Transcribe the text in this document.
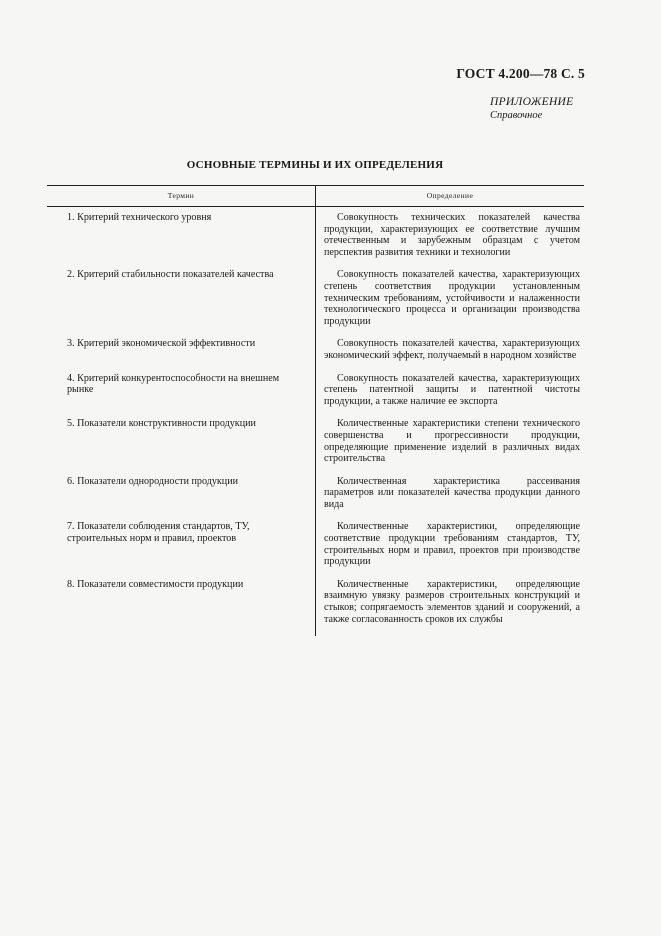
ГОСТ 4.200—78 С. 5
ПРИЛОЖЕНИЕ
Справочное
ОСНОВНЫЕ ТЕРМИНЫ И ИХ ОПРЕДЕЛЕНИЯ
Термин	Определение
1. Критерий технического уровня	Совокупность технических показателей качества продукции, характеризующих ее соответствие лучшим отечественным и зарубежным образцам с учетом перспектив развития техники и технологии
2. Критерий стабильности показателей качества	Совокупность показателей качества, характеризующих степень соответствия продукции установленным техническим требованиям, устойчивости и налаженности технологического процесса и организации производства продукции
3. Критерий экономической эффективности	Совокупность показателей качества, характеризующих экономический эффект, получаемый в народном хозяйстве
4. Критерий конкурентоспособности на внешнем рынке	Совокупность показателей качества, характеризующих степень патентной защиты и патентной чистоты продукции, а также наличие ее экспорта
5. Показатели конструктивности продукции	Количественные характеристики степени технического совершенства и прогрессивности продукции, определяющие применение изделий в различных видах строительства
6. Показатели однородности продукции	Количественная характеристика рассеивания параметров или показателей качества продукции данного вида
7. Показатели соблюдения стандартов, ТУ, строительных норм и правил, проектов	Количественные характеристики, определяющие соответствие продукции требованиям стандартов, ТУ, строительных норм и правил, проектов при производстве продукции
8. Показатели совместимости продукции	Количественные характеристики, определяющие взаимную увязку размеров строительных конструкций и стыков; сопрягаемость элементов зданий и сооружений, а также согласованность сроков их службы
